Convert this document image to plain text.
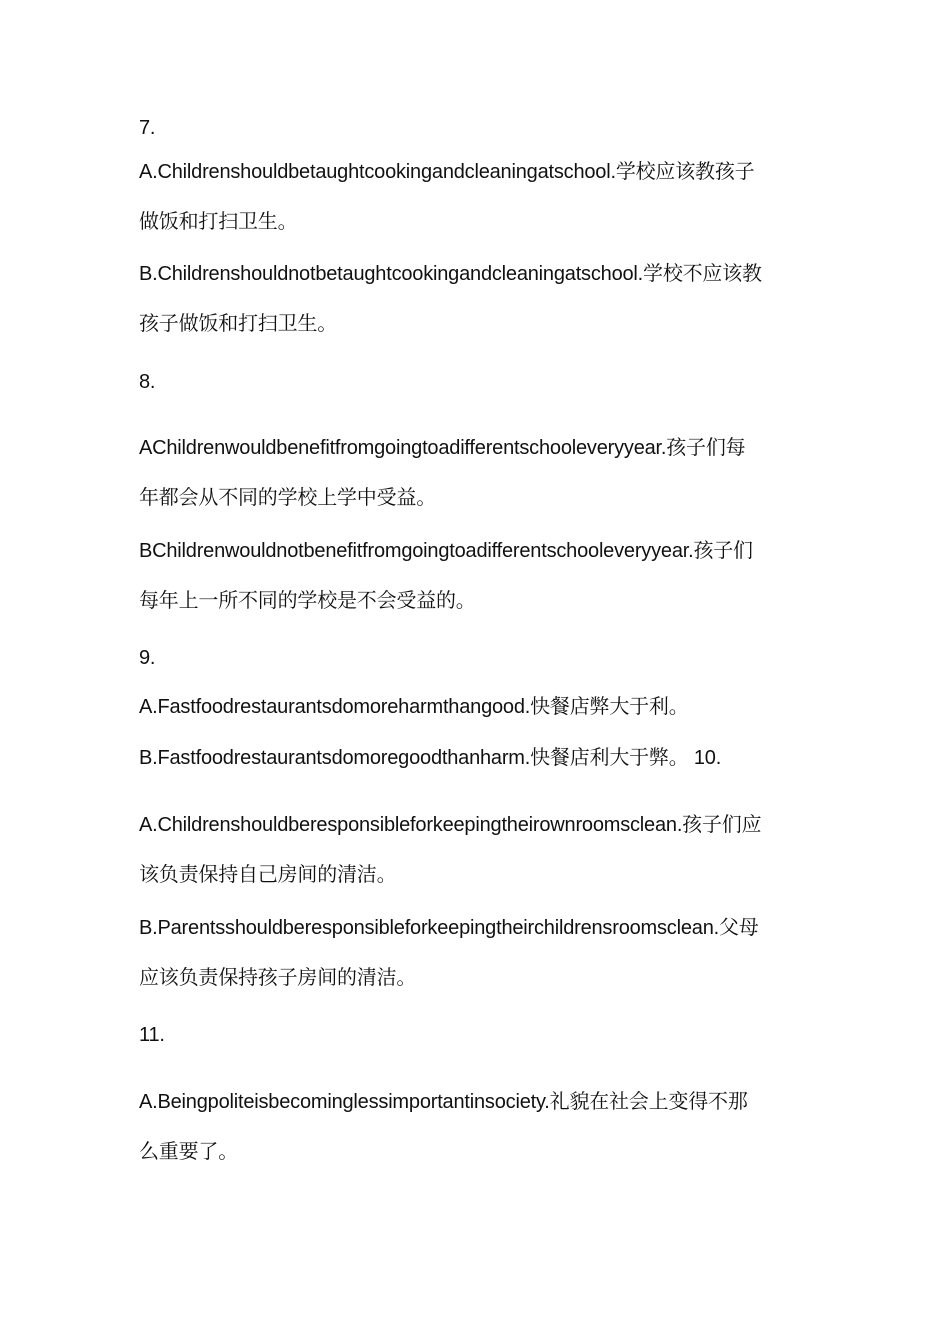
7.
A.Childrenshouldbetaughtcookingandcleaningatschool.学校应该教孩子
做饭和打扫卫生。
B.Childrenshouldnotbetaughtcookingandcleaningatschool.学校不应该教
孩子做饭和打扫卫生。
8.
AChildrenwouldbenefitfromgoingtoadifferentschooleveryyear.孩子们每
年都会从不同的学校上学中受益。
BChildrenwouldnotbenefitfromgoingtoadifferentschooleveryyear.孩子们
每年上一所不同的学校是不会受益的。
9.
A.Fastfoodrestaurantsdomoreharmthangood.快餐店弊大于利。
B.Fastfoodrestaurantsdomoregoodthanharm.快餐店利大于弊。 10.
A.Childrenshouldberesponsibleforkeepingtheirownroomsclean.孩子们应
该负责保持自己房间的清洁。
B.Parentsshouldberesponsibleforkeepingtheirchildrensroomsclean.父母
应该负责保持孩子房间的清洁。
11.
A.Beingpoliteisbecominglessimportantinsociety.礼貌在社会上变得不那
么重要了。
